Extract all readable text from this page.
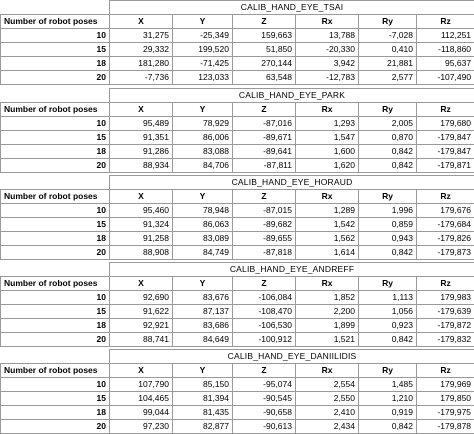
	CALIB_HAND_EYE_TSAI					
Number of robot poses	X	Y	Z	Rx	Ry	Rz
10	31,275	-25,349	159,663	13,788	-7,028	112,251
15	29,332	199,520	51,850	-20,330	0,410	-118,860
18	181,280	-71,425	270,144	3,942	21,881	95,637
20	-7,736	123,033	63,548	-12,783	2,577	-107,490
	CALIB_HAND_EYE_PARK					
Number of robot poses	X	Y	Z	Rx	Ry	Rz
10	95,489	78,929	-87,016	1,293	2,005	179,680
15	91,351	86,006	-89,671	1,547	0,870	-179,847
18	91,286	83,088	-89,641	1,600	0,842	-179,847
20	88,934	84,706	-87,811	1,620	0,842	-179,871
	CALIB_HAND_EYE_HORAUD					
Number of robot poses	X	Y	Z	Rx	Ry	Rz
10	95,460	78,948	-87,015	1,289	1,996	179,676
15	91,324	86,063	-89,682	1,542	0,859	-179,684
18	91,258	83,089	-89,655	1,562	0,943	-179,826
20	88,908	84,749	-87,818	1,614	0,842	-179,873
	CALIB_HAND_EYE_ANDREFF					
Number of robot poses	X	Y	Z	Rx	Ry	Rz
10	92,690	83,676	-106,084	1,852	1,113	179,983
15	91,622	87,137	-108,470	2,200	1,056	-179,639
18	92,921	83,686	-106,530	1,899	0,923	-179,872
20	88,741	84,649	-100,912	1,521	0,842	-179,832
	CALIB_HAND_EYE_DANIILIDIS					
Number of robot poses	X	Y	Z	Rx	Ry	Rz
10	107,790	85,150	-95,074	2,554	1,485	179,969
15	104,465	81,394	-90,545	2,550	1,210	179,850
18	99,044	81,435	-90,658	2,410	0,919	-179,975
20	97,230	82,877	-90,613	2,434	0,842	-179,878
